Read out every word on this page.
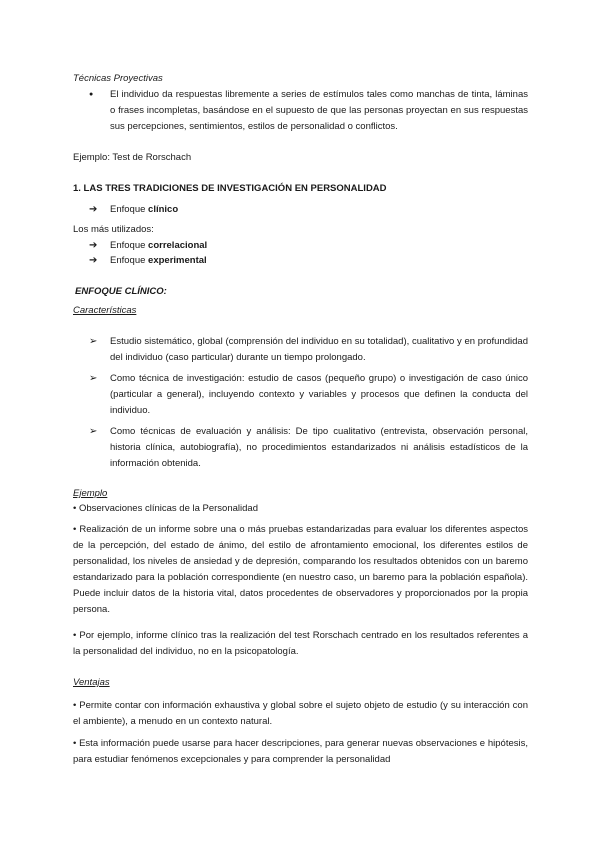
Técnicas Proyectivas

● El individuo da respuestas libremente a series de estímulos tales como manchas de tinta, láminas o frases incompletas, basándose en el supuesto de que las personas proyectan en sus respuestas sus percepciones, sentimientos, estilos de personalidad o conflictos.

Ejemplo: Test de Rorschach

1. LAS TRES TRADICIONES DE INVESTIGACIÓN EN PERSONALIDAD

➔ Enfoque clínico

Los más utilizados:

➔ Enfoque correlacional
➔ Enfoque experimental

ENFOQUE CLÍNICO:

Características

➢ Estudio sistemático, global (comprensión del individuo en su totalidad), cualitativo y en profundidad del individuo (caso particular) durante un tiempo prolongado.
➢ Como técnica de investigación: estudio de casos (pequeño grupo) o investigación de caso único (particular a general), incluyendo contexto y variables y procesos que definen la conducta del individuo.
➢ Como técnicas de evaluación y análisis: De tipo cualitativo (entrevista, observación personal, historia clínica, autobiografía), no procedimientos estandarizados ni análisis estadísticos de la información obtenida.

Ejemplo

• Observaciones clínicas de la Personalidad

• Realización de un informe sobre una o más pruebas estandarizadas para evaluar los diferentes aspectos de la percepción, del estado de ánimo, del estilo de afrontamiento emocional, los diferentes estilos de personalidad, los niveles de ansiedad y de depresión, comparando los resultados obtenidos con un baremo estandarizado para la población correspondiente (en nuestro caso, un baremo para la población española). Puede incluir datos de la historia vital, datos procedentes de observadores y proporcionados por la propia persona.

• Por ejemplo, informe clínico tras la realización del test Rorschach centrado en los resultados referentes a la personalidad del individuo, no en la psicopatología.

Ventajas

• Permite contar con información exhaustiva y global sobre el sujeto objeto de estudio (y su interacción con el ambiente), a menudo en un contexto natural.

• Esta información puede usarse para hacer descripciones, para generar nuevas observaciones e hipótesis, para estudiar fenómenos excepcionales y para comprender la personalidad
